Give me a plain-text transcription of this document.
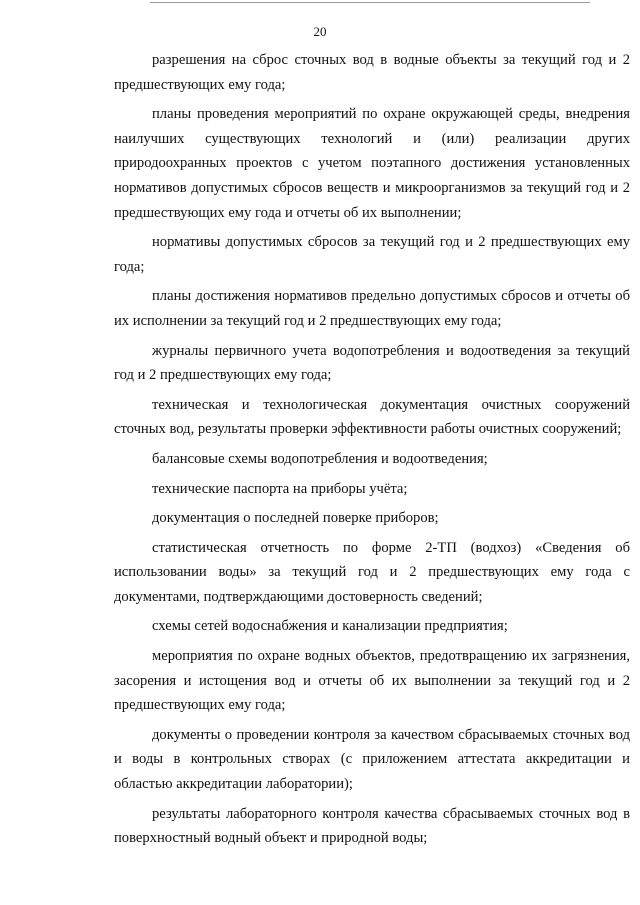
20

разрешения на сброс сточных вод в водные объекты за текущий год и 2 предшествующих ему года;

планы проведения мероприятий по охране окружающей среды, внедрения наилучших существующих технологий и (или) реализации других природоохранных проектов с учетом поэтапного достижения установленных нормативов допустимых сбросов веществ и микроорганизмов за текущий год и 2 предшествующих ему года и отчеты об их выполнении;

нормативы допустимых сбросов за текущий год и 2 предшествующих ему года;

планы достижения нормативов предельно допустимых сбросов и отчеты об их исполнении за текущий год и 2 предшествующих ему года;

журналы первичного учета водопотребления и водоотведения за текущий год и 2 предшествующих ему года;

техническая и технологическая документация очистных сооружений сточных вод, результаты проверки эффективности работы очистных сооружений;

балансовые схемы водопотребления и водоотведения;

технические паспорта на приборы учёта;

документация о последней поверке приборов;

статистическая отчетность по форме 2-ТП (водхоз) «Сведения об использовании воды» за текущий год и 2 предшествующих ему года с документами, подтверждающими достоверность сведений;

схемы сетей водоснабжения и канализации предприятия;

мероприятия по охране водных объектов, предотвращению их загрязнения, засорения и истощения вод и отчеты об их выполнении за текущий год и 2 предшествующих ему года;

документы о проведении контроля за качеством сбрасываемых сточных вод и воды в контрольных створах (с приложением аттестата аккредитации и областью аккредитации лаборатории);

результаты лабораторного контроля качества сбрасываемых сточных вод в поверхностный водный объект и природной воды;
